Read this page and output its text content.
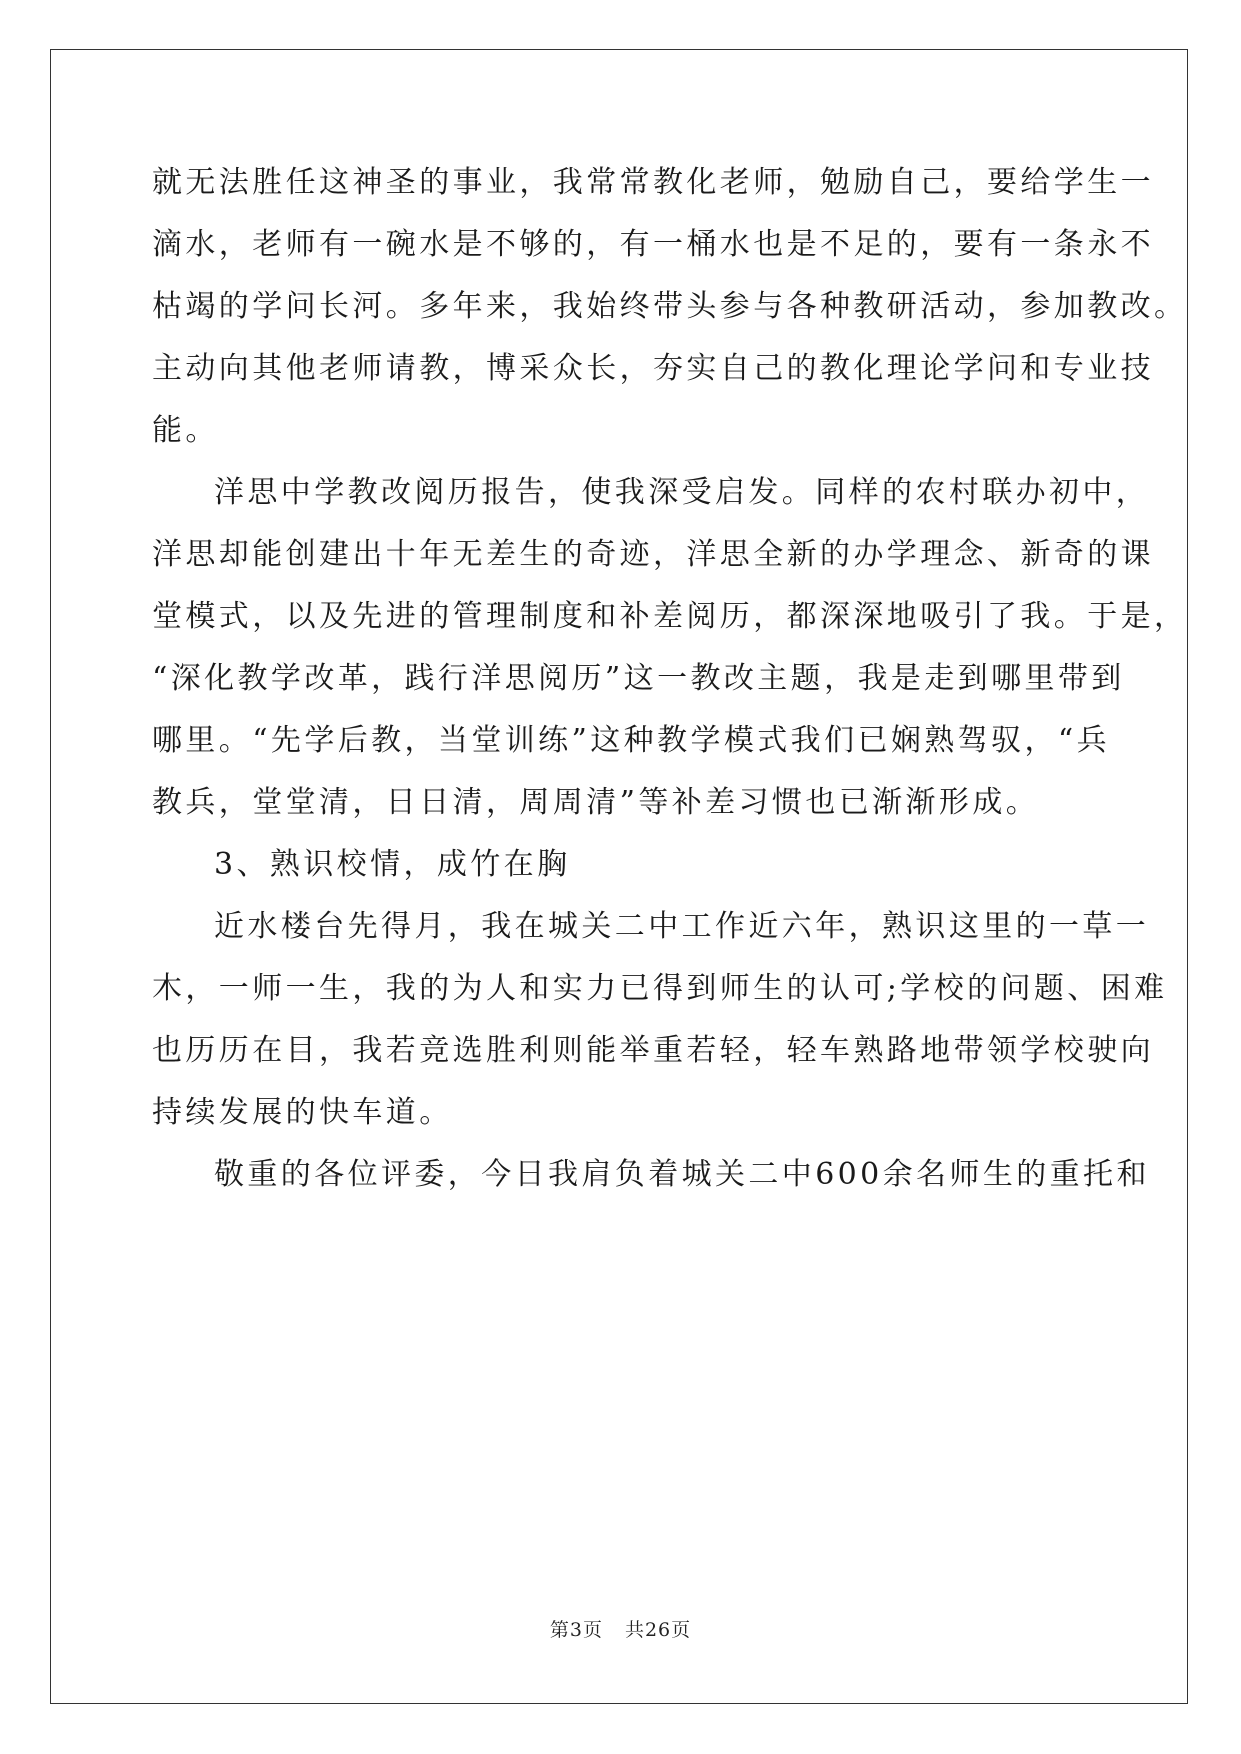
就无法胜任这神圣的事业，我常常教化老师，勉励自己，要给学生一
滴水，老师有一碗水是不够的，有一桶水也是不足的，要有一条永不
枯竭的学问长河。多年来，我始终带头参与各种教研活动，参加教改。
主动向其他老师请教，博采众长，夯实自己的教化理论学问和专业技
能。
洋思中学教改阅历报告，使我深受启发。同样的农村联办初中，
洋思却能创建出十年无差生的奇迹，洋思全新的办学理念、新奇的课
堂模式，以及先进的管理制度和补差阅历，都深深地吸引了我。于是，
“深化教学改革，践行洋思阅历”这一教改主题，我是走到哪里带到
哪里。“先学后教，当堂训练”这种教学模式我们已娴熟驾驭，“兵
教兵，堂堂清，日日清，周周清”等补差习惯也已渐渐形成。
3、熟识校情，成竹在胸
近水楼台先得月，我在城关二中工作近六年，熟识这里的一草一
木，一师一生，我的为人和实力已得到师生的认可;学校的问题、困难
也历历在目，我若竞选胜利则能举重若轻，轻车熟路地带领学校驶向
持续发展的快车道。
敬重的各位评委，今日我肩负着城关二中600余名师生的重托和
第3页 共26页
